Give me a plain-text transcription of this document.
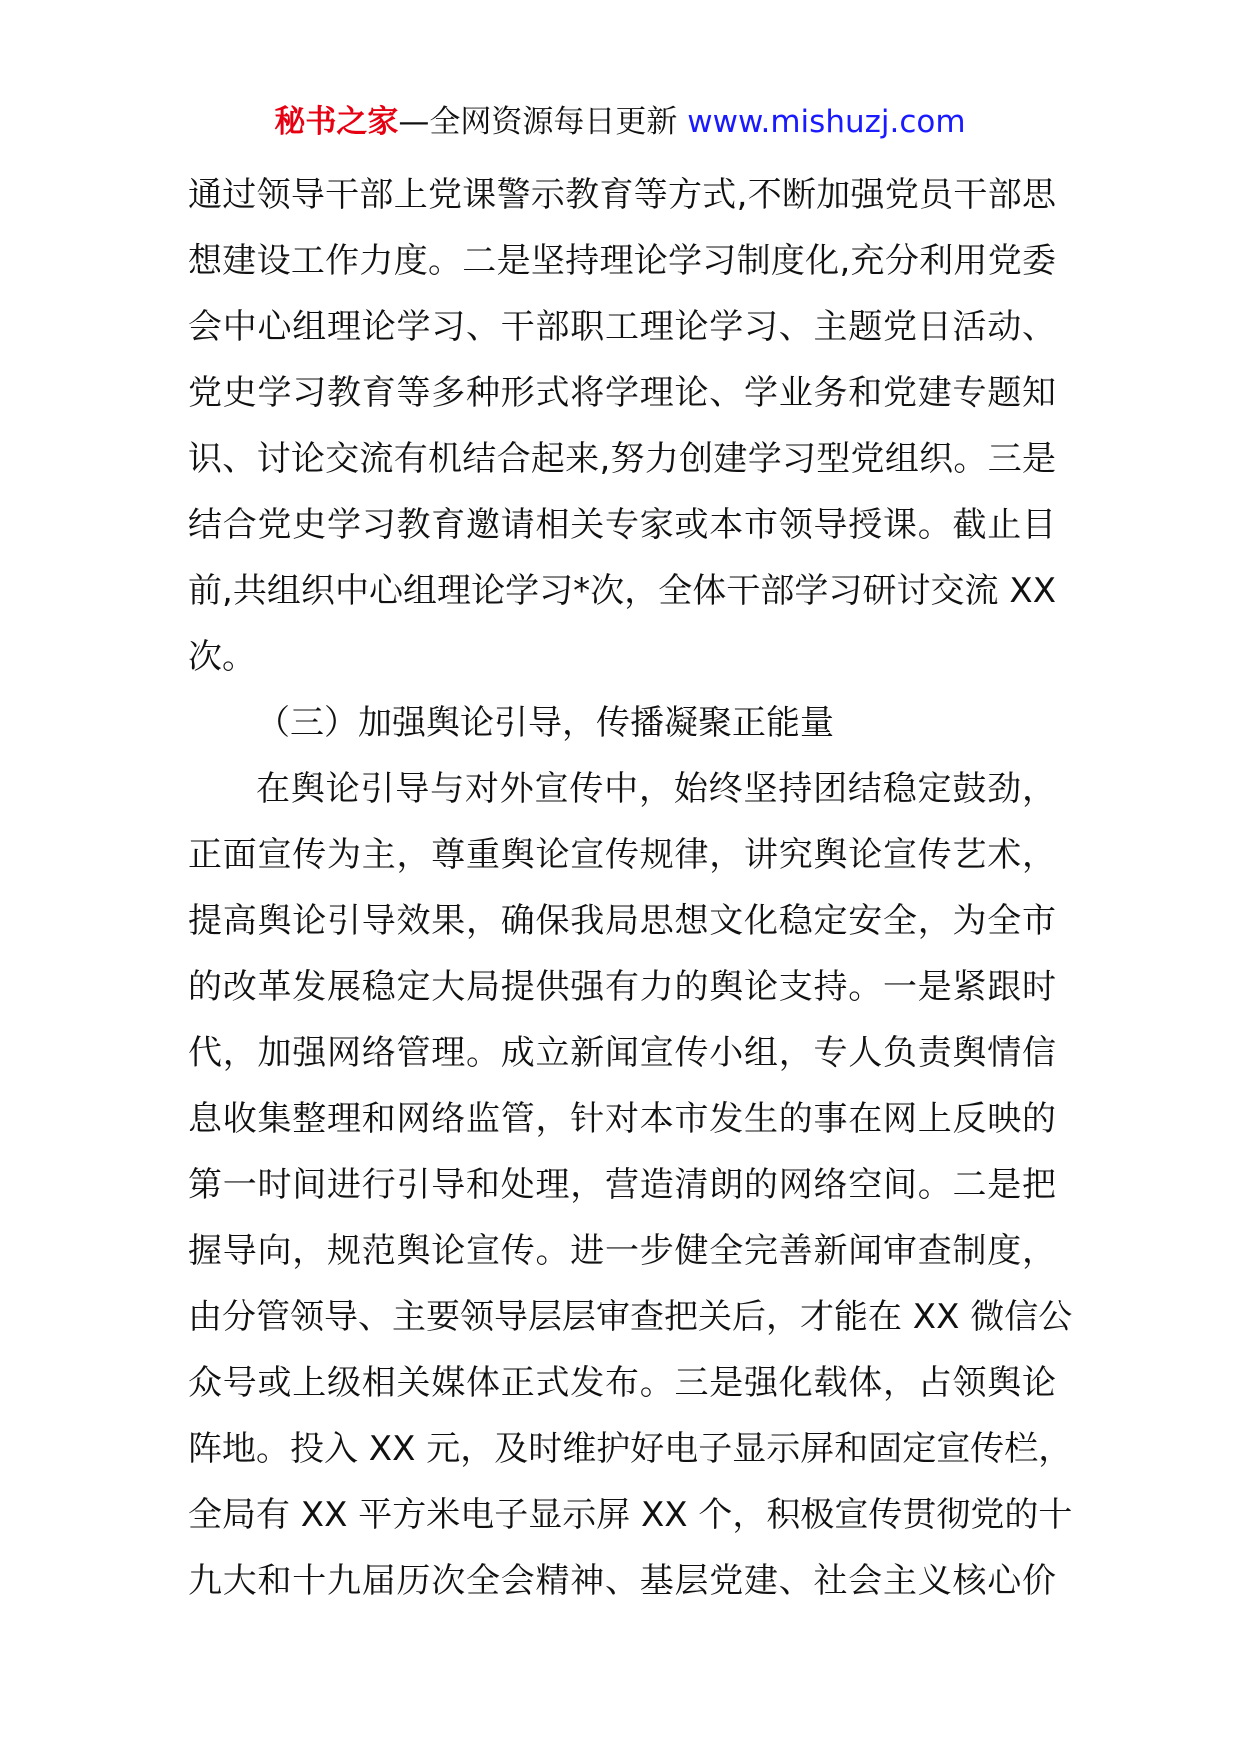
秘书之家—全网资源每日更新 www.mishuzj.com
通过领导干部上党课警示教育等方式,不断加强党员干部思
想建设工作力度。二是坚持理论学习制度化,充分利用党委
会中心组理论学习、干部职工理论学习、主题党日活动、
党史学习教育等多种形式将学理论、学业务和党建专题知
识、讨论交流有机结合起来,努力创建学习型党组织。三是
结合党史学习教育邀请相关专家或本市领导授课。截止目
前,共组织中心组理论学习*次，全体干部学习研讨交流 XX
次。
（三）加强舆论引导，传播凝聚正能量
在舆论引导与对外宣传中，始终坚持团结稳定鼓劲，
正面宣传为主，尊重舆论宣传规律，讲究舆论宣传艺术，
提高舆论引导效果，确保我局思想文化稳定安全，为全市
的改革发展稳定大局提供强有力的舆论支持。一是紧跟时
代，加强网络管理。成立新闻宣传小组，专人负责舆情信
息收集整理和网络监管，针对本市发生的事在网上反映的
第一时间进行引导和处理，营造清朗的网络空间。二是把
握导向，规范舆论宣传。进一步健全完善新闻审查制度，
由分管领导、主要领导层层审查把关后，才能在 XX 微信公
众号或上级相关媒体正式发布。三是强化载体，占领舆论
阵地。投入 XX 元，及时维护好电子显示屏和固定宣传栏，
全局有 XX 平方米电子显示屏 XX 个，积极宣传贯彻党的十
九大和十九届历次全会精神、基层党建、社会主义核心价
